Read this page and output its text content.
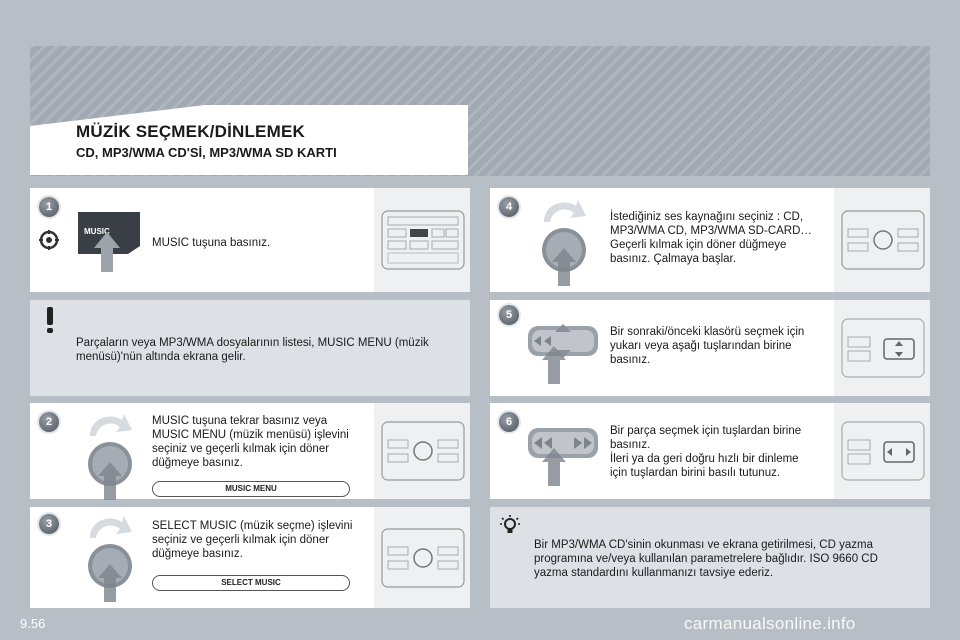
MÜZİK SEÇMEK/DİNLEMEK
CD, MP3/WMA CD'Sİ, MP3/WMA SD KARTI
1
MUSIC
MUSIC tuşuna basınız.
Parçaların veya MP3/WMA dosyalarının listesi, MUSIC MENU (müzik menüsü)'nün altında ekrana gelir.
2	MUSIC tuşuna tekrar basınız veya MUSIC MENU (müzik menüsü) işlevini seçiniz ve geçerli kılmak için döner düğmeye basınız.
MUSIC MENU
3	SELECT MUSIC (müzik seçme) işlevini seçiniz ve geçerli kılmak için döner düğmeye basınız.
SELECT MUSIC
4
İstediğiniz ses kaynağını seçiniz : CD, MP3/WMA CD, MP3/WMA SD-CARD… Geçerli kılmak için döner düğmeye basınız. Çalmaya başlar.
5
Bir sonraki/önceki klasörü seçmek için yukarı veya aşağı tuşlarından birine basınız.
6
Bir parça seçmek için tuşlardan birine basınız.
İleri ya da geri doğru hızlı bir dinleme için tuşlardan birini basılı tutunuz.
Bir MP3/WMA CD'sinin okunması ve ekrana getirilmesi, CD yazma programına ve/veya kullanılan parametrelere bağlıdır. ISO 9660 CD yazma standardını kullanmanızı tavsiye ederiz.
9.56	carmanualsonline.info
